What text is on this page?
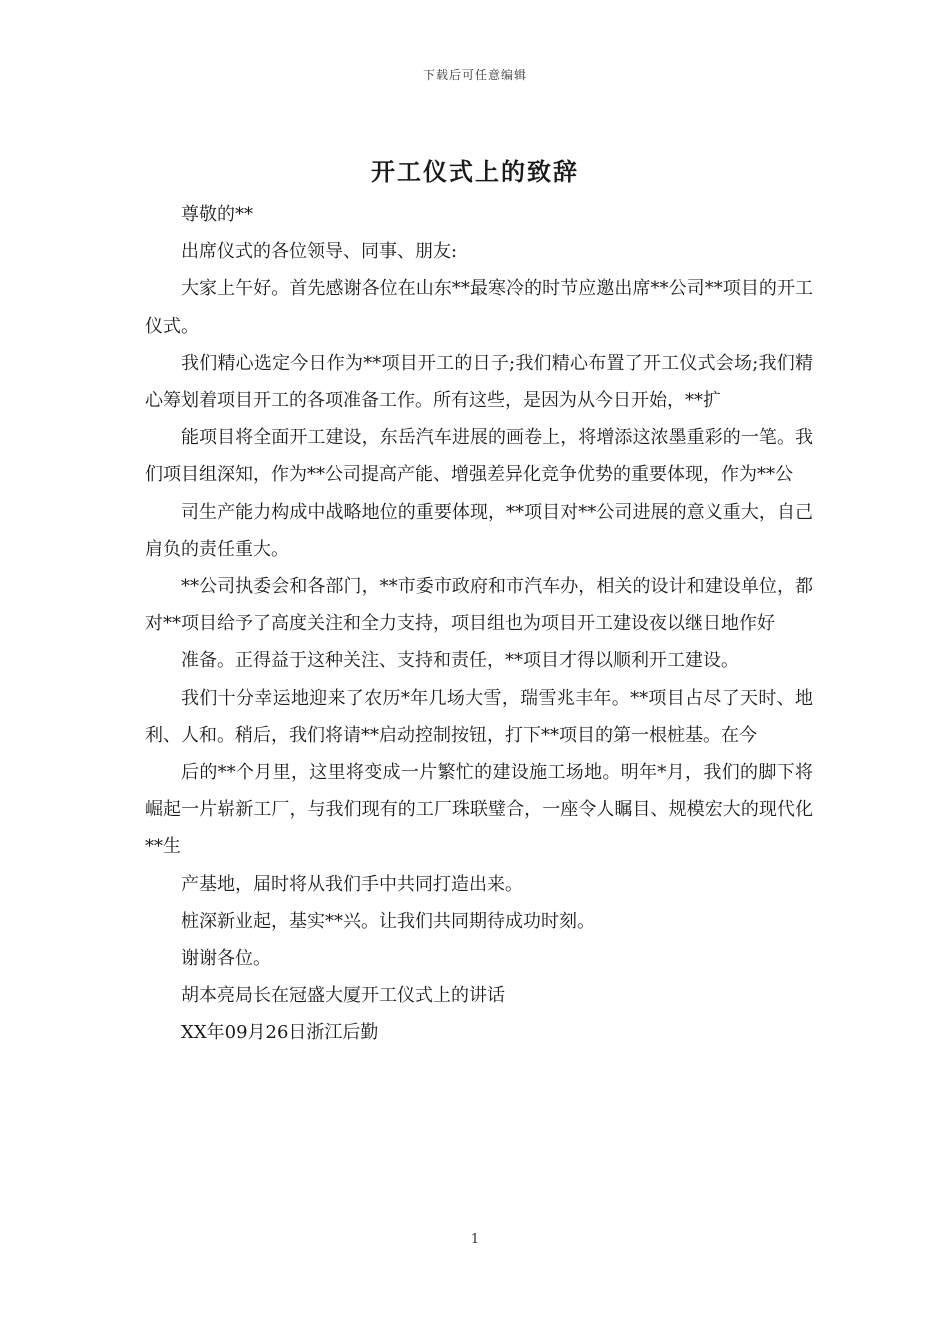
下载后可任意编辑
开工仪式上的致辞

尊敬的**

出席仪式的各位领导、同事、朋友:

大家上午好。首先感谢各位在山东**最寒冷的时节应邀出席**公司**项目的开工仪式。

我们精心选定今日作为**项目开工的日子;我们精心布置了开工仪式会场;我们精心筹划着项目开工的各项准备工作。所有这些，是因为从今日开始，**扩

能项目将全面开工建设，东岳汽车进展的画卷上，将增添这浓墨重彩的一笔。我们项目组深知，作为**公司提高产能、增强差异化竞争优势的重要体现，作为**公

司生产能力构成中战略地位的重要体现，**项目对**公司进展的意义重大，自己肩负的责任重大。

**公司执委会和各部门，**市委市政府和市汽车办，相关的设计和建设单位，都对**项目给予了高度关注和全力支持，项目组也为项目开工建设夜以继日地作好

准备。正得益于这种关注、支持和责任，**项目才得以顺利开工建设。

我们十分幸运地迎来了农历*年几场大雪，瑞雪兆丰年。**项目占尽了天时、地利、人和。稍后，我们将请**启动控制按钮，打下**项目的第一根桩基。在今

后的**个月里，这里将变成一片繁忙的建设施工场地。明年*月，我们的脚下将崛起一片崭新工厂，与我们现有的工厂珠联璧合，一座令人瞩目、规模宏大的现代化**生

产基地，届时将从我们手中共同打造出来。

桩深新业起，基实**兴。让我们共同期待成功时刻。

谢谢各位。

胡本亮局长在冠盛大厦开工仪式上的讲话

XX年09月26日浙江后勤

1
